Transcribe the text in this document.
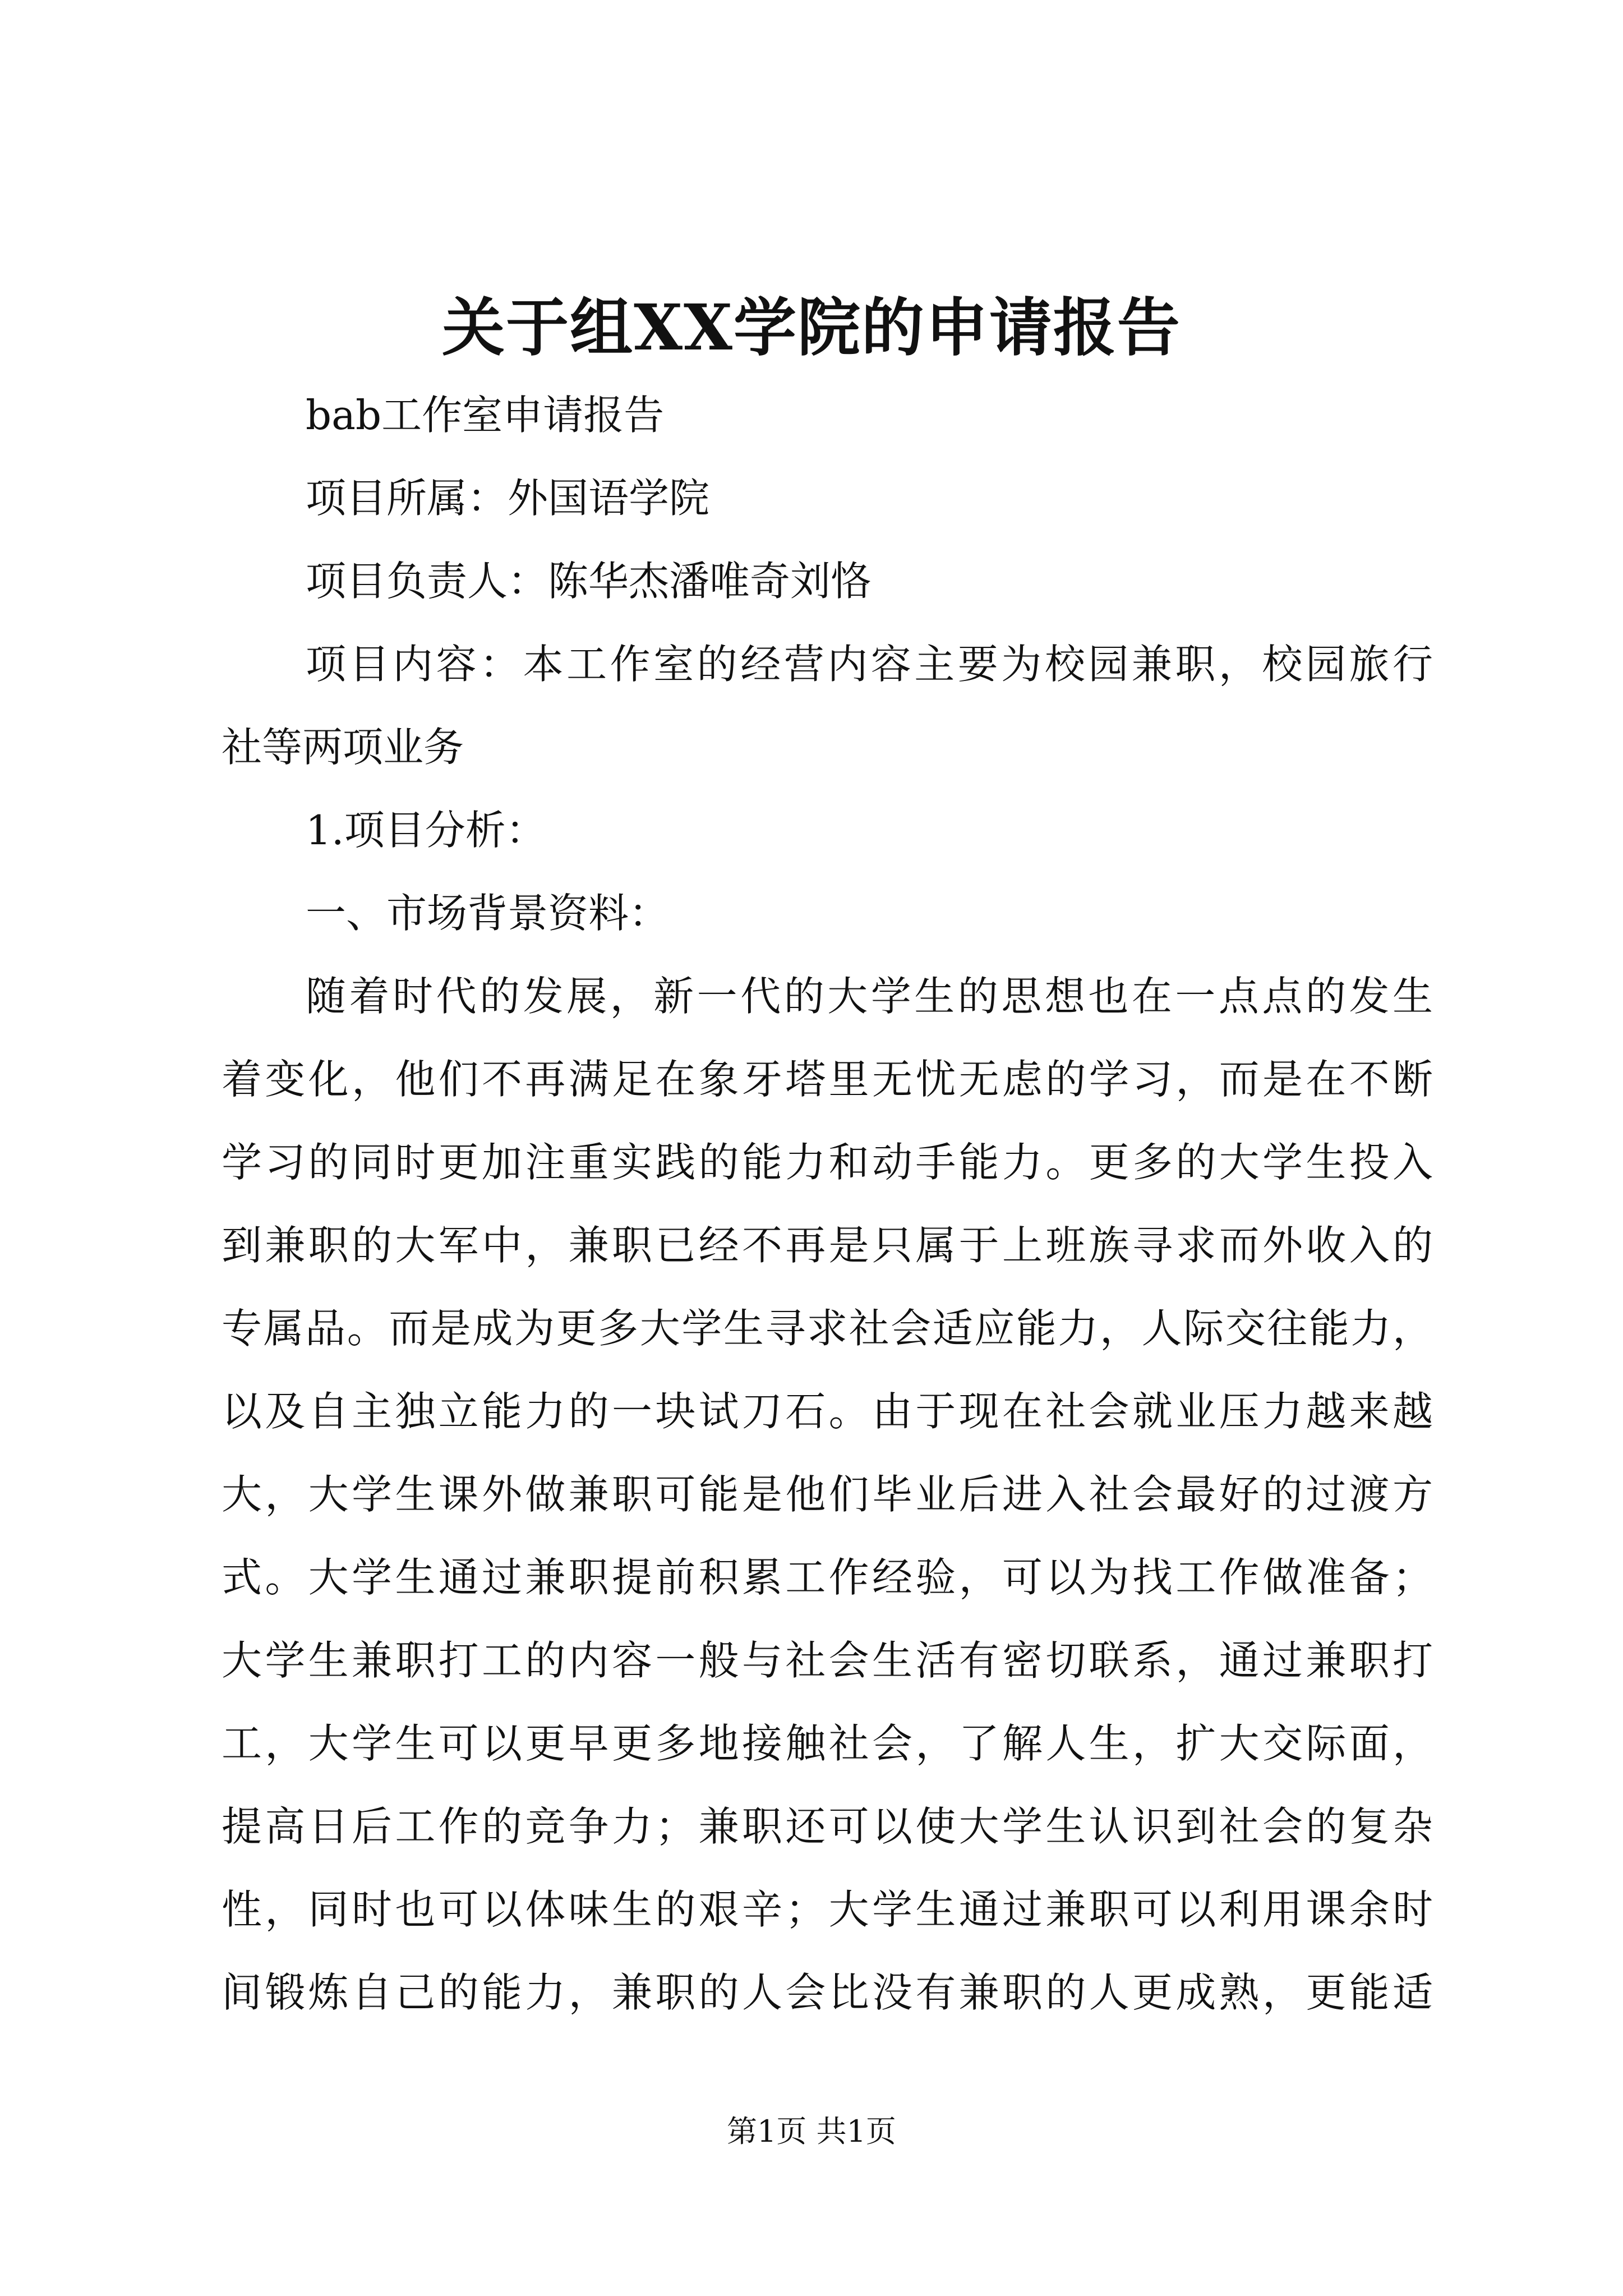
关于组XX学院的申请报告

bab工作室申请报告

项目所属：外国语学院

项目负责人：陈华杰潘唯奇刘恪

项目内容：本工作室的经营内容主要为校园兼职，校园旅行

社等两项业务

1.项目分析：

一、市场背景资料：

随着时代的发展，新一代的大学生的思想也在一点点的发生

着变化，他们不再满足在象牙塔里无忧无虑的学习，而是在不断

学习的同时更加注重实践的能力和动手能力。更多的大学生投入

到兼职的大军中，兼职已经不再是只属于上班族寻求而外收入的

专属品。而是成为更多大学生寻求社会适应能力，人际交往能力，

以及自主独立能力的一块试刀石。由于现在社会就业压力越来越

大，大学生课外做兼职可能是他们毕业后进入社会最好的过渡方

式。大学生通过兼职提前积累工作经验，可以为找工作做准备；

大学生兼职打工的内容一般与社会生活有密切联系，通过兼职打

工，大学生可以更早更多地接触社会，了解人生，扩大交际面，

提高日后工作的竞争力；兼职还可以使大学生认识到社会的复杂

性，同时也可以体味生的艰辛；大学生通过兼职可以利用课余时

间锻炼自己的能力，兼职的人会比没有兼职的人更成熟，更能适

第1页 共1页
